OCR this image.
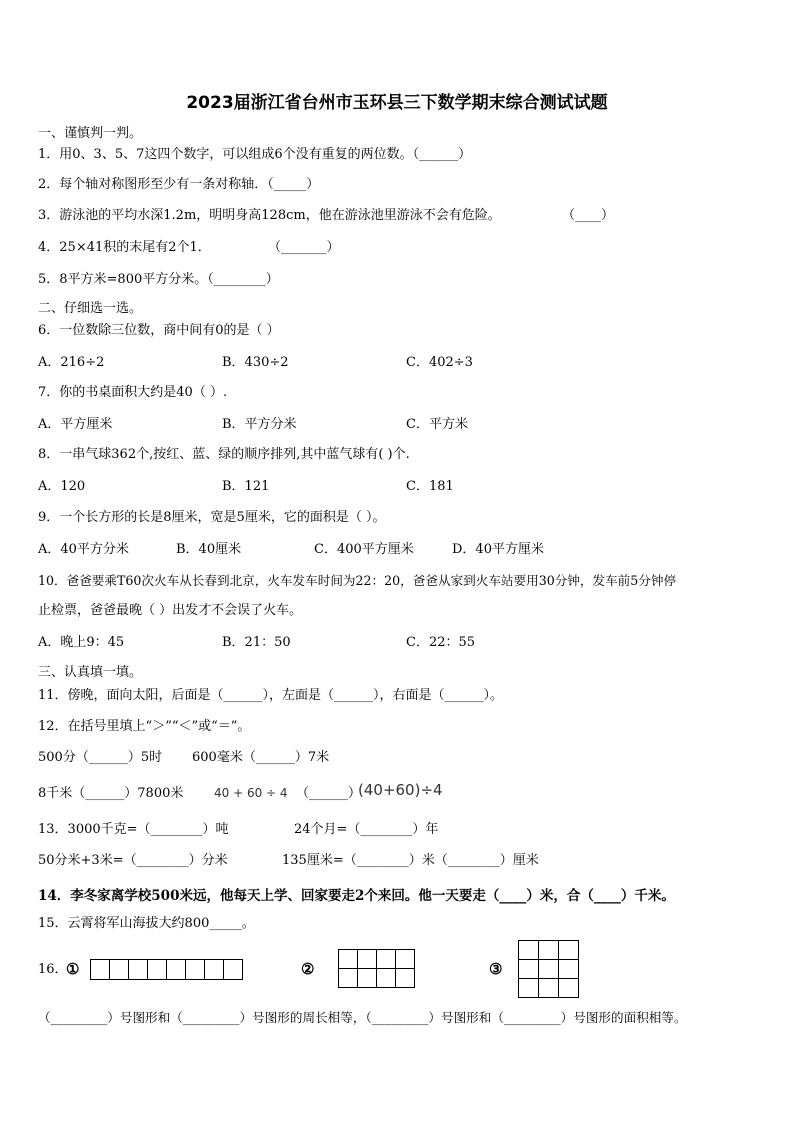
2023届浙江省台州市玉环县三下数学期末综合测试试题
一、谨慎判一判。
1．用0、3、5、7这四个数字，可以组成6个没有重复的两位数。（______）
2．每个轴对称图形至少有一条对称轴．（_____）
3．游泳池的平均水深1.2m，明明身高128cm，他在游泳池里游泳不会有危险。	（____）
4．25×41积的末尾有2个1．	（_______）
5．8平方米=800平方分米。（________）
二、仔细选一选。
6．一位数除三位数，商中间有0的是（ ）
A．216÷2	B．430÷2	C．402÷3
7．你的书桌面积大约是40（ ）.
A．平方厘米	B．平方分米	C．平方米
8．一串气球362个,按红、蓝、绿的顺序排列,其中蓝气球有( )个.
A．120	B．121	C．181
9．一个长方形的长是8厘米，宽是5厘米，它的面积是（ ）。
A．40平方分米	B．40厘米	C．400平方厘米	D．40平方厘米
10．爸爸要乘T60次火车从长春到北京，火车发车时间为22：20，爸爸从家到火车站要用30分钟，发车前5分钟停
止检票，爸爸最晚（ ）出发才不会误了火车。
A．晚上9：45	B．21：50	C．22：55
三、认真填一填。
11．傍晚，面向太阳，后面是（______），左面是（______），右面是（______）。
12．在括号里填上“＞”“＜”或“＝”。
500分（______）5时 600毫米（______）7米
8千米（______）7800米	40 + 60 ÷ 4 （______）
(40+60)÷4
13．3000千克=（________）吨	24个月=（________）年
50分米+3米=（________）分米	135厘米=（________）米（________）厘米
14．李冬家离学校500米远，他每天上学、回家要走2个来回。他一天要走（____）米，合（____）千米。
15．云霄将军山海拔大约800_____。
16．
①
								②

				③

（_________）号图形和（_________）号图形的周长相等，（_________）号图形和（_________）号图形的面积相等。
